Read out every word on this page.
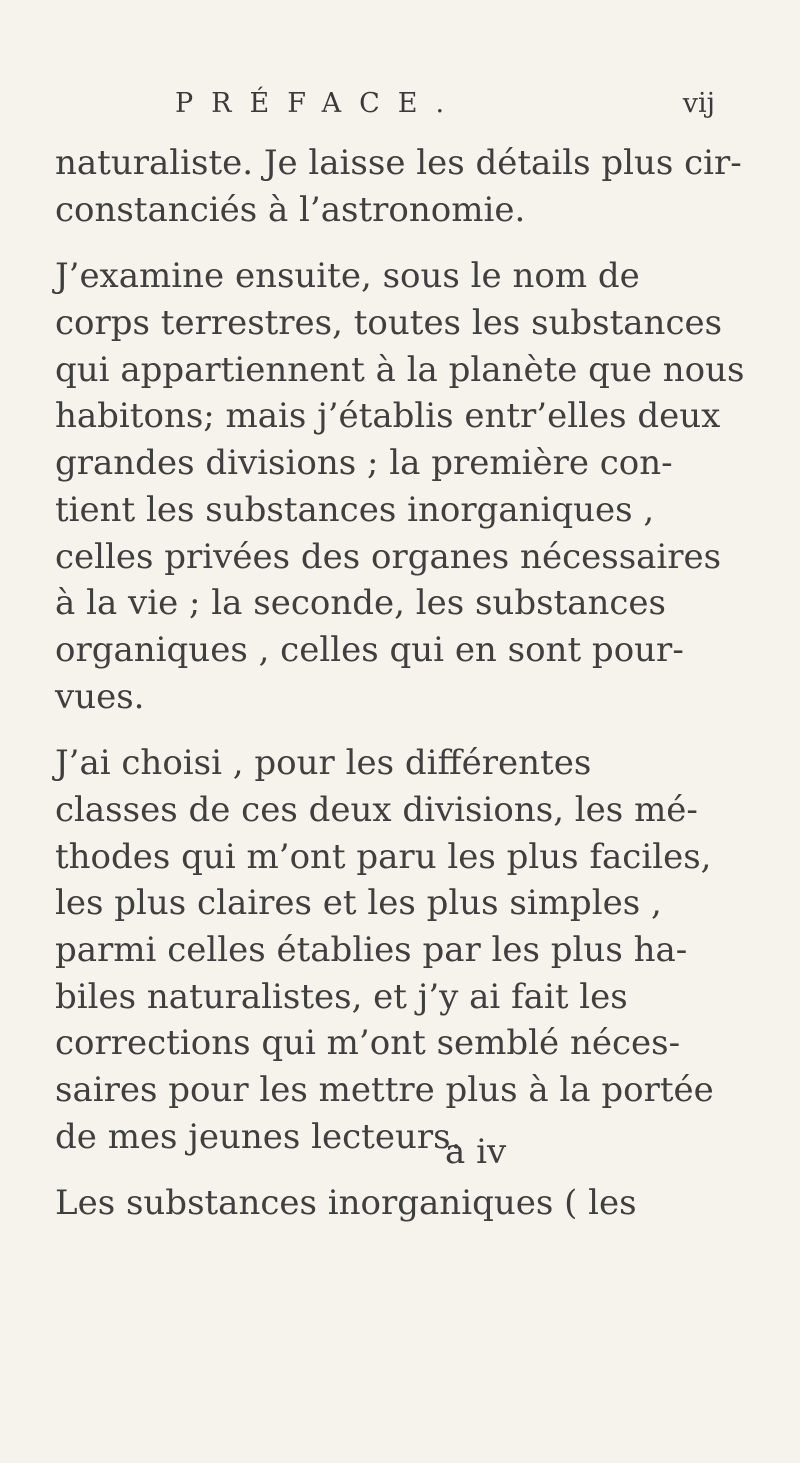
PRÉFACE.	vij
naturaliste. Je laisse les détails plus cir-
constanciés à l’astronomie.
J’examine ensuite, sous le nom de
corps terrestres, toutes les substances
qui appartiennent à la planète que nous
habitons; mais j’établis entr’elles deux
grandes divisions ; la première con-
tient les substances inorganiques ,
celles privées des organes nécessaires
à la vie ; la seconde, les substances
organiques , celles qui en sont pour-
vues.
J’ai choisi , pour les différentes
classes de ces deux divisions, les mé-
thodes qui m’ont paru les plus faciles,
les plus claires et les plus simples ,
parmi celles établies par les plus ha-
biles naturalistes, et j’y ai fait les
corrections qui m’ont semblé néces-
saires pour les mettre plus à la portée
de mes jeunes lecteurs.
Les substances inorganiques ( les
a iv
